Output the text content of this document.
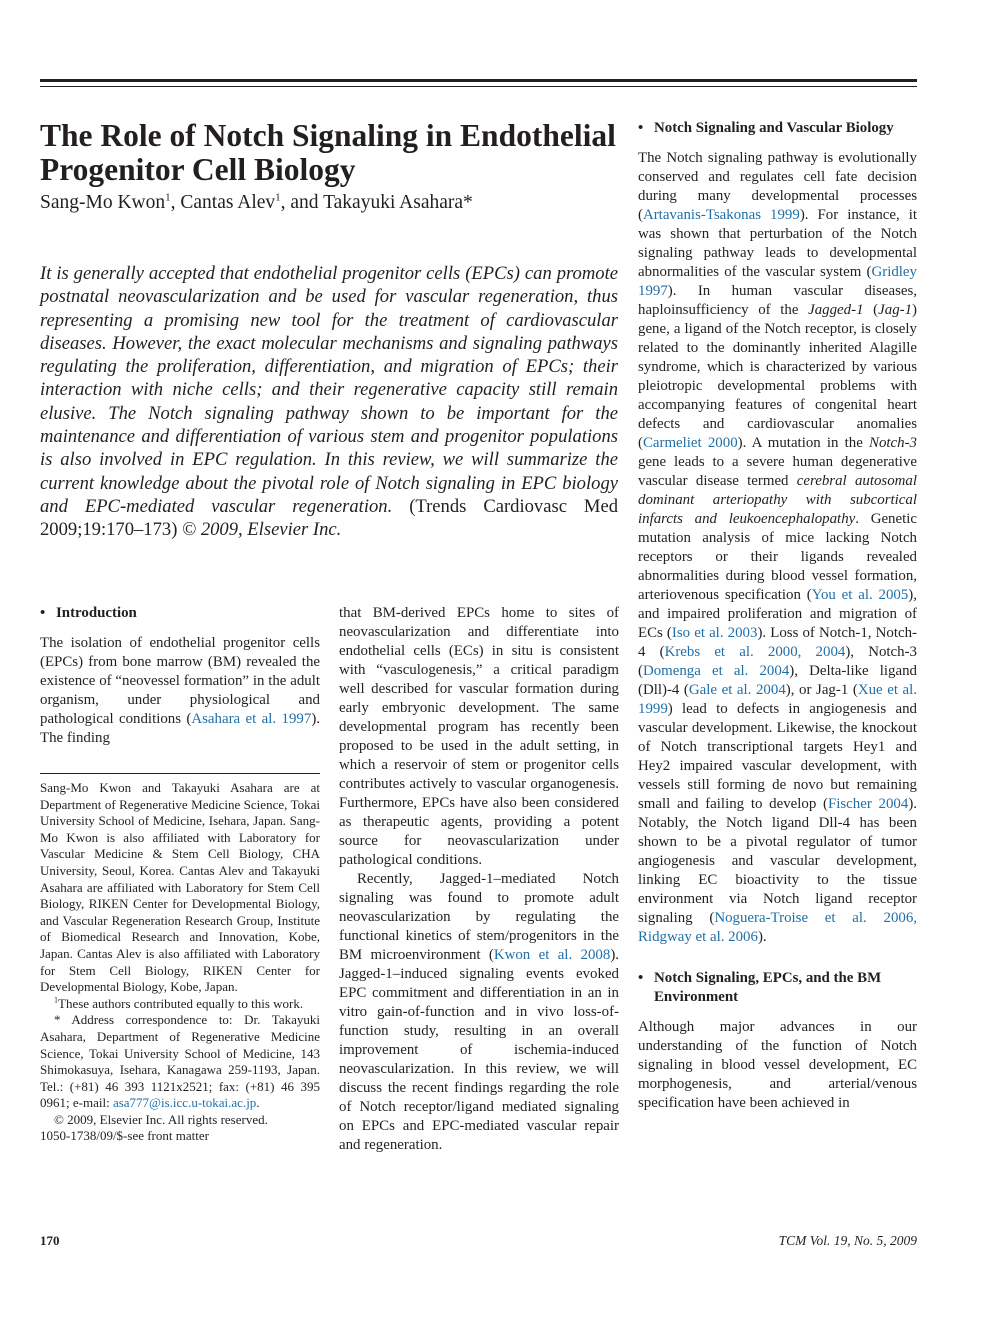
The Role of Notch Signaling in Endothelial Progenitor Cell Biology
Sang-Mo Kwon$^1$, Cantas Alev$^1$, and Takayuki Asahara*

It is generally accepted that endothelial progenitor cells (EPCs) can promote postnatal neovascularization and be used for vascular regeneration, thus representing a promising new tool for the treatment of cardiovascular diseases. However, the exact molecular mechanisms and signaling pathways regulating the proliferation, differentiation, and migration of EPCs; their interaction with niche cells; and their regenerative capacity still remain elusive. The Notch signaling pathway shown to be important for the maintenance and differentiation of various stem and progenitor populations is also involved in EPC regulation. In this review, we will summarize the current knowledge about the pivotal role of Notch signaling in EPC biology and EPC-mediated vascular regeneration. (Trends Cardiovasc Med 2009;19:170–173) © 2009, Elsevier Inc.

• Introduction

The isolation of endothelial progenitor cells (EPCs) from bone marrow (BM) revealed the existence of “neovessel formation” in the adult organism, under physiological and pathological conditions (Asahara et al. 1997). The finding

Sang-Mo Kwon and Takayuki Asahara are at Department of Regenerative Medicine Science, Tokai University School of Medicine, Isehara, Japan. Sang-Mo Kwon is also affiliated with Laboratory for Vascular Medicine & Stem Cell Biology, CHA University, Seoul, Korea. Cantas Alev and Takayuki Asahara are affiliated with Laboratory for Stem Cell Biology, RIKEN Center for Developmental Biology, and Vascular Regeneration Research Group, Institute of Biomedical Research and Innovation, Kobe, Japan. Cantas Alev is also affiliated with Laboratory for Stem Cell Biology, RIKEN Center for Developmental Biology, Kobe, Japan.

$^1$These authors contributed equally to this work.

* Address correspondence to: Dr. Takayuki Asahara, Department of Regenerative Medicine Science, Tokai University School of Medicine, 143 Shimokasuya, Isehara, Kanagawa 259-1193, Japan. Tel.: (+81) 46 393 1121x2521; fax: (+81) 46 395 0961; e-mail: asa777@is.icc.u-tokai.ac.jp.

© 2009, Elsevier Inc. All rights reserved.

1050-1738/09/$-see front matter

that BM-derived EPCs home to sites of neovascularization and differentiate into endothelial cells (ECs) in situ is consistent with “vasculogenesis,” a critical paradigm well described for vascular formation during early embryonic development. The same developmental program has recently been proposed to be used in the adult setting, in which a reservoir of stem or progenitor cells contributes actively to vascular organogenesis. Furthermore, EPCs have also been considered as therapeutic agents, providing a potent source for neovascularization under pathological conditions.

Recently, Jagged-1–mediated Notch signaling was found to promote adult neovascularization by regulating the functional kinetics of stem/progenitors in the BM microenvironment (Kwon et al. 2008). Jagged-1–induced signaling events evoked EPC commitment and differentiation in an in vitro gain-of-function and in vivo loss-of-function study, resulting in an overall improvement of ischemia-induced neovascularization. In this review, we will discuss the recent findings regarding the role of Notch receptor/ligand mediated signaling on EPCs and EPC-mediated vascular repair and regeneration.

• Notch Signaling and Vascular Biology

The Notch signaling pathway is evolutionally conserved and regulates cell fate decision during many developmental processes (Artavanis-Tsakonas 1999). For instance, it was shown that perturbation of the Notch signaling pathway leads to developmental abnormalities of the vascular system (Gridley 1997). In human vascular diseases, haploinsufficiency of the Jagged-1 (Jag-1) gene, a ligand of the Notch receptor, is closely related to the dominantly inherited Alagille syndrome, which is characterized by various pleiotropic developmental problems with accompanying features of congenital heart defects and cardiovascular anomalies (Carmeliet 2000). A mutation in the Notch-3 gene leads to a severe human degenerative vascular disease termed cerebral autosomal dominant arteriopathy with subcortical infarcts and leukoencephalopathy. Genetic mutation analysis of mice lacking Notch receptors or their ligands revealed abnormalities during blood vessel formation, arteriovenous specification (You et al. 2005), and impaired proliferation and migration of ECs (Iso et al. 2003). Loss of Notch-1, Notch-4 (Krebs et al. 2000, 2004), Notch-3 (Domenga et al. 2004), Delta-like ligand (Dll)-4 (Gale et al. 2004), or Jag-1 (Xue et al. 1999) lead to defects in angiogenesis and vascular development. Likewise, the knockout of Notch transcriptional targets Hey1 and Hey2 impaired vascular development, with vessels still forming de novo but remaining small and failing to develop (Fischer 2004). Notably, the Notch ligand Dll-4 has been shown to be a pivotal regulator of tumor angiogenesis and vascular development, linking EC bioactivity to the tissue environment via Notch ligand receptor signaling (Noguera-Troise et al. 2006, Ridgway et al. 2006).

• Notch Signaling, EPCs, and the BM Environment

Although major advances in our understanding of the function of Notch signaling in blood vessel development, EC morphogenesis, and arterial/venous specification have been achieved in

170	TCM Vol. 19, No. 5, 2009
